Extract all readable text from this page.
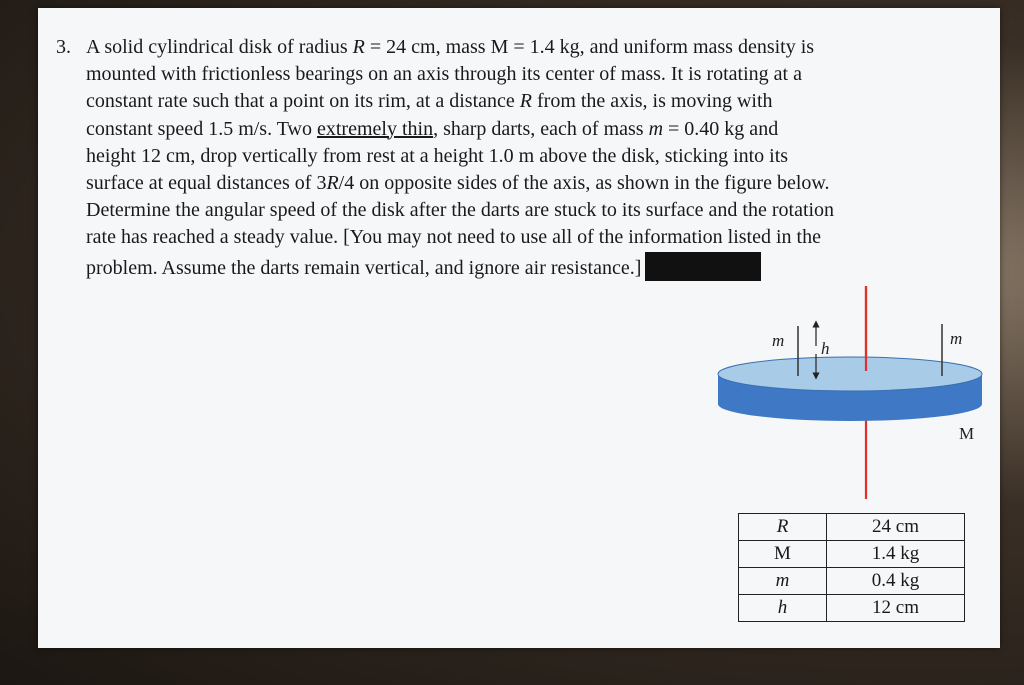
3. A solid cylindrical disk of radius R = 24 cm, mass M = 1.4 kg, and uniform mass density is

mounted with frictionless bearings on an axis through its center of mass. It is rotating at a

constant rate such that a point on its rim, at a distance R from the axis, is moving with

constant speed 1.5 m/s. Two extremely thin, sharp darts, each of mass m = 0.40 kg and

height 12 cm, drop vertically from rest at a height 1.0 m above the disk, sticking into its

surface at equal distances of 3R/4 on opposite sides of the axis, as shown in the figure below.

Determine the angular speed of the disk after the darts are stuck to its surface and the rotation

rate has reached a steady value. [You may not need to use all of the information listed in the

problem. Assume the darts remain vertical, and ignore air resistance.]

m h
m
M
R	24 cm
M	1.4 kg
m	0.4 kg
h	12 cm
